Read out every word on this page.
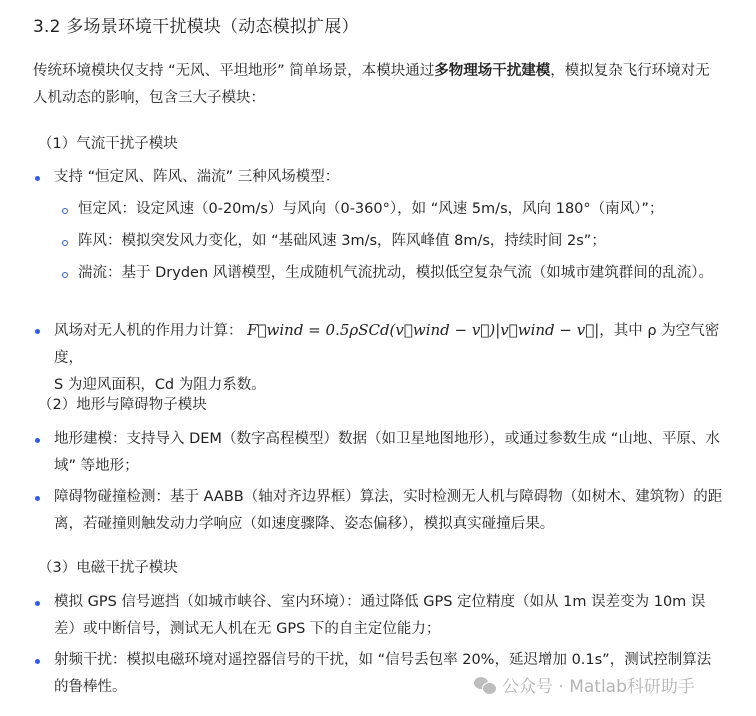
3.2 多场景环境干扰模块（动态模拟扩展）
传统环境模块仅支持 “无风、平坦地形” 简单场景，本模块通过多物理场干扰建模，模拟复杂飞行环境对无人机动态的影响，包含三大子模块：
（1）气流干扰子模块
支持 “恒定风、阵风、湍流” 三种风场模型：
恒定风：设定风速（0-20m/s）与风向（0-360°），如 “风速 5m/s，风向 180°（南风）”；
阵风：模拟突发风力变化，如 “基础风速 3m/s，阵风峰值 8m/s，持续时间 2s”；
湍流：基于 Dryden 风谱模型，生成随机气流扰动，模拟低空复杂气流（如城市建筑群间的乱流）。
风场对无人机的作用力计算： F⃗wind = 0.5ρSCd(v⃗wind − v⃗)|v⃗wind − v⃗|，其中 ρ 为空气密度，
S 为迎风面积，Cd 为阻力系数。
（2）地形与障碍物子模块
地形建模：支持导入 DEM（数字高程模型）数据（如卫星地图地形），或通过参数生成 “山地、平原、水域” 等地形；
障碍物碰撞检测：基于 AABB（轴对齐边界框）算法，实时检测无人机与障碍物（如树木、建筑物）的距离，若碰撞则触发动力学响应（如速度骤降、姿态偏移），模拟真实碰撞后果。
（3）电磁干扰子模块
模拟 GPS 信号遮挡（如城市峡谷、室内环境）：通过降低 GPS 定位精度（如从 1m 误差变为 10m 误差）或中断信号，测试无人机在无 GPS 下的自主定位能力；
射频干扰：模拟电磁环境对遥控器信号的干扰，如 “信号丢包率 20%，延迟增加 0.1s”，测试控制算法的鲁棒性。	公众号 · Matlab科研助手
